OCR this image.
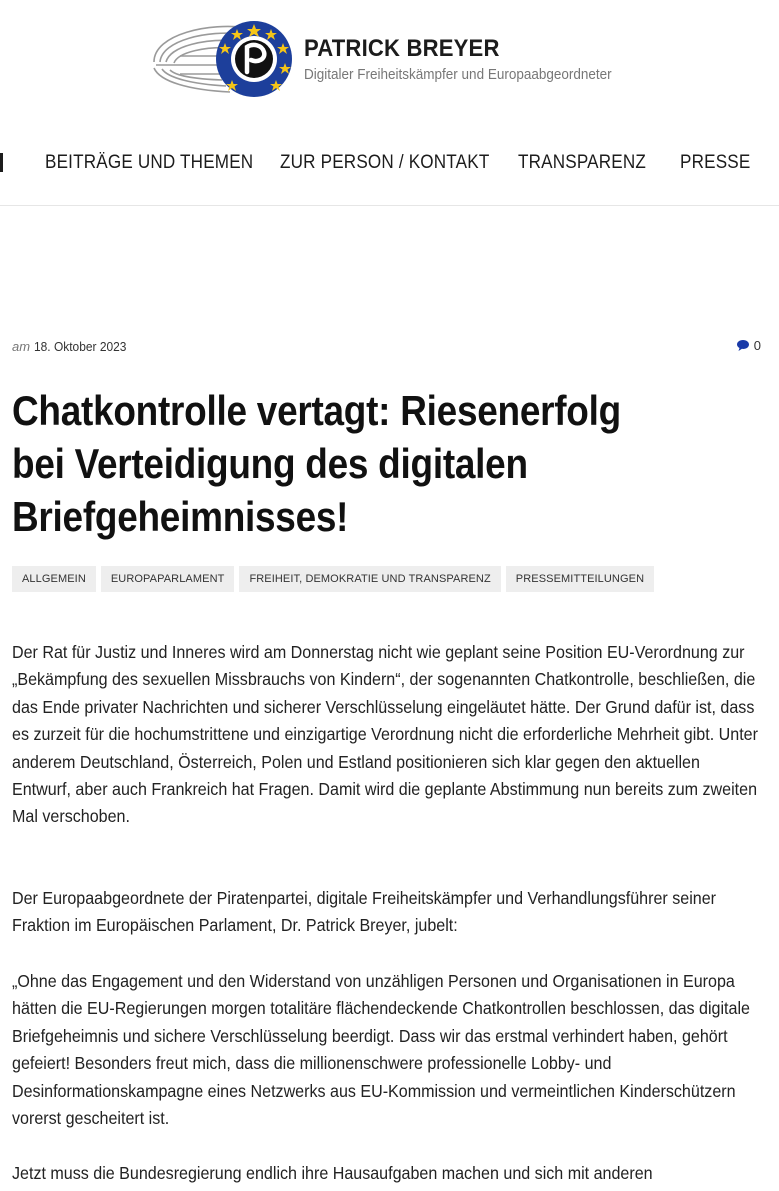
PATRICK BREYER
Digitaler Freiheitskämpfer und Europaabgeordneter
BEITRÄGE UND THEMEN ZUR PERSON / KONTAKT TRANSPARENZ PRESSE
am 18. Oktober 2023	0
Chatkontrolle vertagt: Riesenerfolg bei Verteidigung des digitalen Briefgeheimnisses!
ALLGEMEIN	EUROPAPARLAMENT	FREIHEIT, DEMOKRATIE UND TRANSPARENZ	PRESSEMITTEILUNGEN

Der Rat für Justiz und Inneres wird am Donnerstag nicht wie geplant seine Position EU-Verordnung zur „Bekämpfung des sexuellen Missbrauchs von Kindern“, der sogenannten Chatkontrolle, beschließen, die das Ende privater Nachrichten und sicherer Verschlüsselung eingeläutet hätte. Der Grund dafür ist, dass es zurzeit für die hochumstrittene und einzigartige Verordnung nicht die erforderliche Mehrheit gibt. Unter anderem Deutschland, Österreich, Polen und Estland positionieren sich klar gegen den aktuellen Entwurf, aber auch Frankreich hat Fragen. Damit wird die geplante Abstimmung nun bereits zum zweiten Mal verschoben.

Der Europaabgeordnete der Piratenpartei, digitale Freiheitskämpfer und Verhandlungsführer seiner Fraktion im Europäischen Parlament, Dr. Patrick Breyer, jubelt:

„Ohne das Engagement und den Widerstand von unzähligen Personen und Organisationen in Europa hätten die EU-Regierungen morgen totalitäre flächendeckende Chatkontrollen beschlossen, das digitale Briefgeheimnis und sichere Verschlüsselung beerdigt. Dass wir das erstmal verhindert haben, gehört gefeiert! Besonders freut mich, dass die millionenschwere professionelle Lobby- und Desinformationskampagne eines Netzwerks aus EU-Kommission und vermeintlichen Kinderschützern vorerst gescheitert ist.

Jetzt muss die Bundesregierung endlich ihre Hausaufgaben machen und sich mit anderen
